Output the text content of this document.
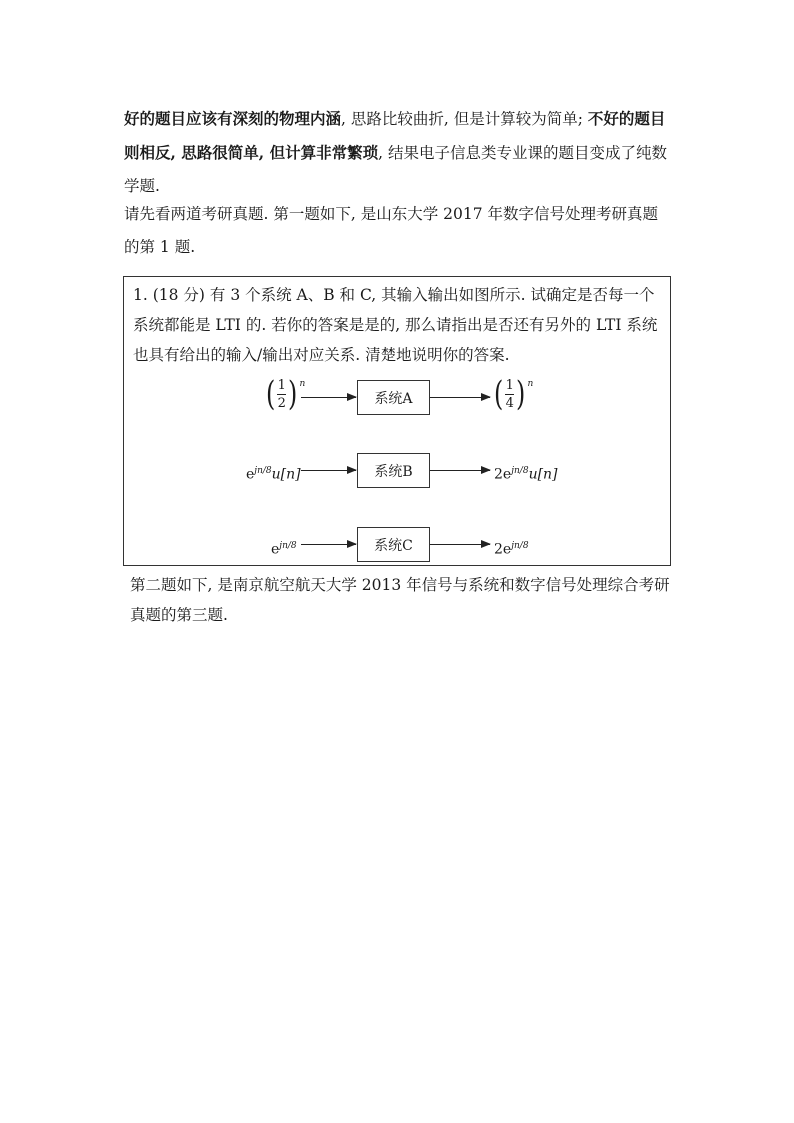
好的题目应该有深刻的物理内涵, 思路比较曲折, 但是计算较为简单; 不好的题目则相反, 思路很简单, 但计算非常繁琐, 结果电子信息类专业课的题目变成了纯数学题.

请先看两道考研真题. 第一题如下, 是山东大学 2017 年数字信号处理考研真题的第 1 题.

1. (18 分) 有 3 个系统 A、B 和 C, 其输入输出如图所示. 试确定是否每一个系统都能是 LTI 的. 若你的答案是是的, 那么请指出是否还有另外的 LTI 系统也具有给出的输入/输出对应关系. 清楚地说明你的答案.

( $\frac{1}{2}$ ) n
系统A	( $\frac{1}{4}$ ) n
$e^{jn/8}u[n]$	系统B	$2e^{jn/8}u[n]$
$e^{jn/8}$	系统C	$2e^{jn/8}$

第二题如下, 是南京航空航天大学 2013 年信号与系统和数字信号处理综合考研真题的第三题.
